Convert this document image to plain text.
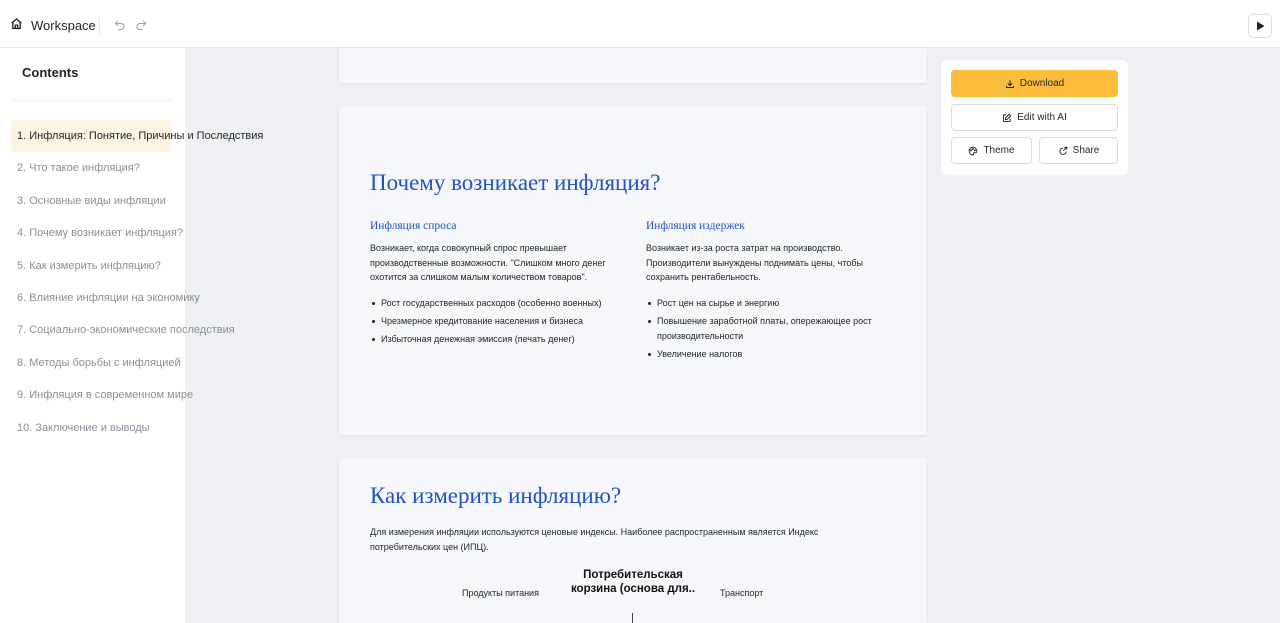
Workspace
Contents
1. Инфляция: Понятие, Причины и Последствия
2. Что такое инфляция?
3. Основные виды инфляции
4. Почему возникает инфляция?
5. Как измерить инфляцию?
6. Влияние инфляции на экономику
7. Социально-экономические последствия
8. Методы борьбы с инфляцией
9. Инфляция в современном мире
10. Заключение и выводы
Почему возникает инфляция?
Инфляция спроса
Возникает, когда совокупный спрос превышает производственные возможности. "Слишком много денег охотится за слишком малым количеством товаров".
Рост государственных расходов (особенно военных)
Чрезмерное кредитование населения и бизнеса
Избыточная денежная эмиссия (печать денег)
Инфляция издержек
Возникает из-за роста затрат на производство. Производители вынуждены поднимать цены, чтобы сохранить рентабельность.
Рост цен на сырье и энергию
Повышение заработной платы, опережающее рост производительности
Увеличение налогов
Как измерить инфляцию?
Для измерения инфляции используются ценовые индексы. Наиболее распространенным является Индекс потребительских цен (ИПЦ).
Потребительская корзина (основа для..
Продукты питания	Транспорт
Download
Edit with AI
Theme	Share
